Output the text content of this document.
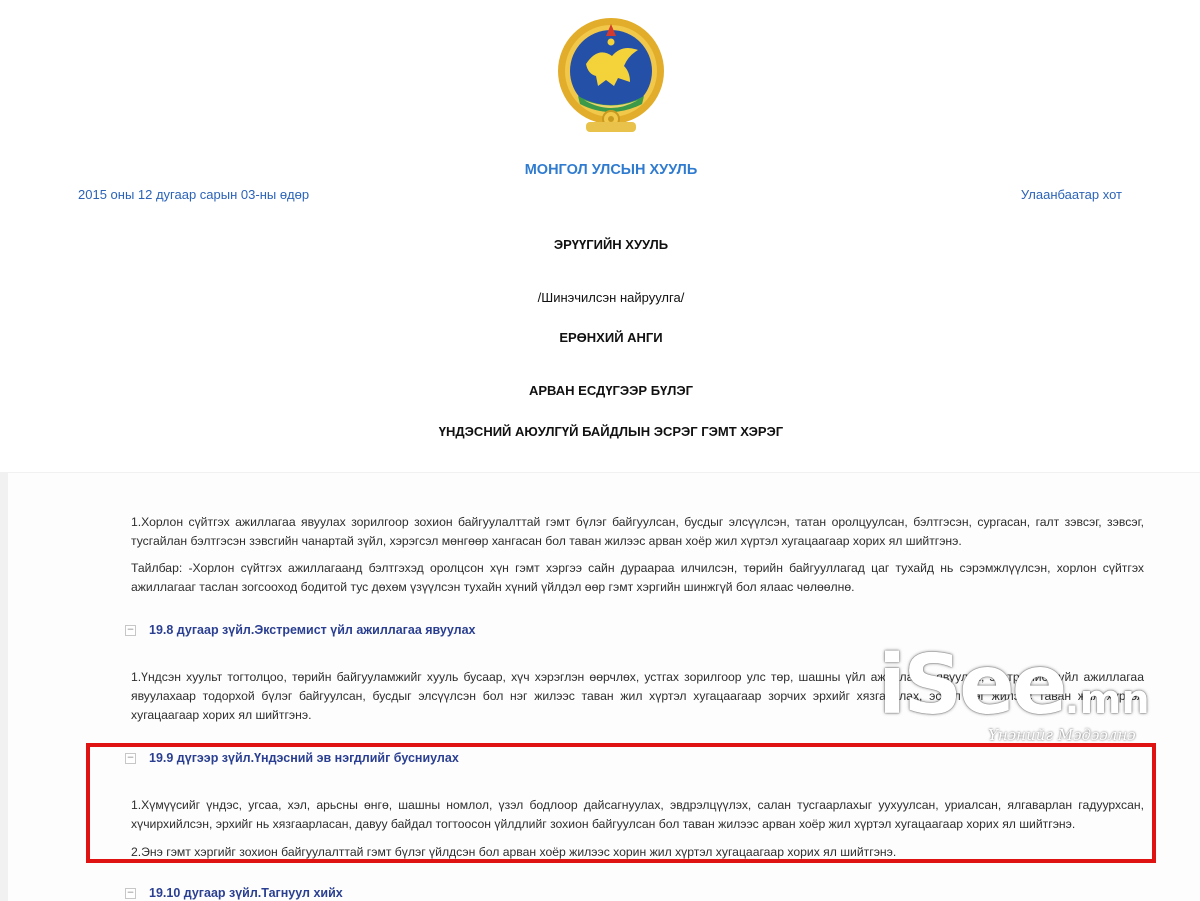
МОНГОЛ УЛСЫН ХУУЛЬ
2015 оны 12 дугаар сарын 03-ны өдөр	Улаанбаатар хот
ЭРҮҮГИЙН ХУУЛЬ
/Шинэчилсэн найруулга/
ЕРӨНХИЙ АНГИ
АРВАН ЕСДҮГЭЭР БҮЛЭГ
ҮНДЭСНИЙ АЮУЛГҮЙ БАЙДЛЫН ЭСРЭГ ГЭМТ ХЭРЭГ
1.Хорлон сүйтгэх ажиллагаа явуулах зорилгоор зохион байгуулалттай гэмт бүлэг байгуулсан, бусдыг элсүүлсэн, татан оролцуулсан, бэлтгэсэн, сургасан, галт зэвсэг, зэвсэг, тусгайлан бэлтгэсэн зэвсгийн чанартай зүйл, хэрэгсэл мөнгөөр хангасан бол таван жилээс арван хоёр жил хүртэл хугацаагаар хорих ял шийтгэнэ.
Тайлбар: -Хорлон сүйтгэх ажиллагаанд бэлтгэхэд оролцсон хүн гэмт хэргээ сайн дураараа илчилсэн, төрийн байгууллагад цаг тухайд нь сэрэмжлүүлсэн, хорлон сүйтгэх ажиллагааг таслан зогсооход бодитой тус дөхөм үзүүлсэн тухайн хүний үйлдэл өөр гэмт хэргийн шинжгүй бол ялаас чөлөөлнө.
− 19.8 дугаар зүйл.Экстремист үйл ажиллагаа явуулах
1.Үндсэн хуульт тогтолцоо, төрийн байгууламжийг хууль бусаар, хүч хэрэглэн өөрчлөх, устгах зорилгоор улс төр, шашны үйл ажиллагаа явуулах, экстремист үйл ажиллагаа явуулахаар тодорхой бүлэг байгуулсан, бусдыг элсүүлсэн бол нэг жилээс таван жил хүртэл хугацаагаар зорчих эрхийг хязгаарлах, эсхүл нэг жилээс таван жил хүртэл хугацаагаар хорих ял шийтгэнэ.
− 19.9 дүгээр зүйл.Үндэсний эв нэгдлийг бусниулах
1.Хүмүүсийг үндэс, угсаа, хэл, арьсны өнгө, шашны номлол, үзэл бодлоор дайсагнуулах, эвдрэлцүүлэх, салан тусгаарлахыг уухуулсан, уриалсан, ялгаварлан гадуурхсан, хүчирхийлсэн, эрхийг нь хязгаарласан, давуу байдал тогтоосон үйлдлийг зохион байгуулсан бол таван жилээс арван хоёр жил хүртэл хугацаагаар хорих ял шийтгэнэ.
2.Энэ гэмт хэргийг зохион байгуулалттай гэмт бүлэг үйлдсэн бол арван хоёр жилээс хорин жил хүртэл хугацаагаар хорих ял шийтгэнэ.
− 19.10 дугаар зүйл.Тагнуул хийх
iSee.mn
Үнэнийг Мэдээлнэ
